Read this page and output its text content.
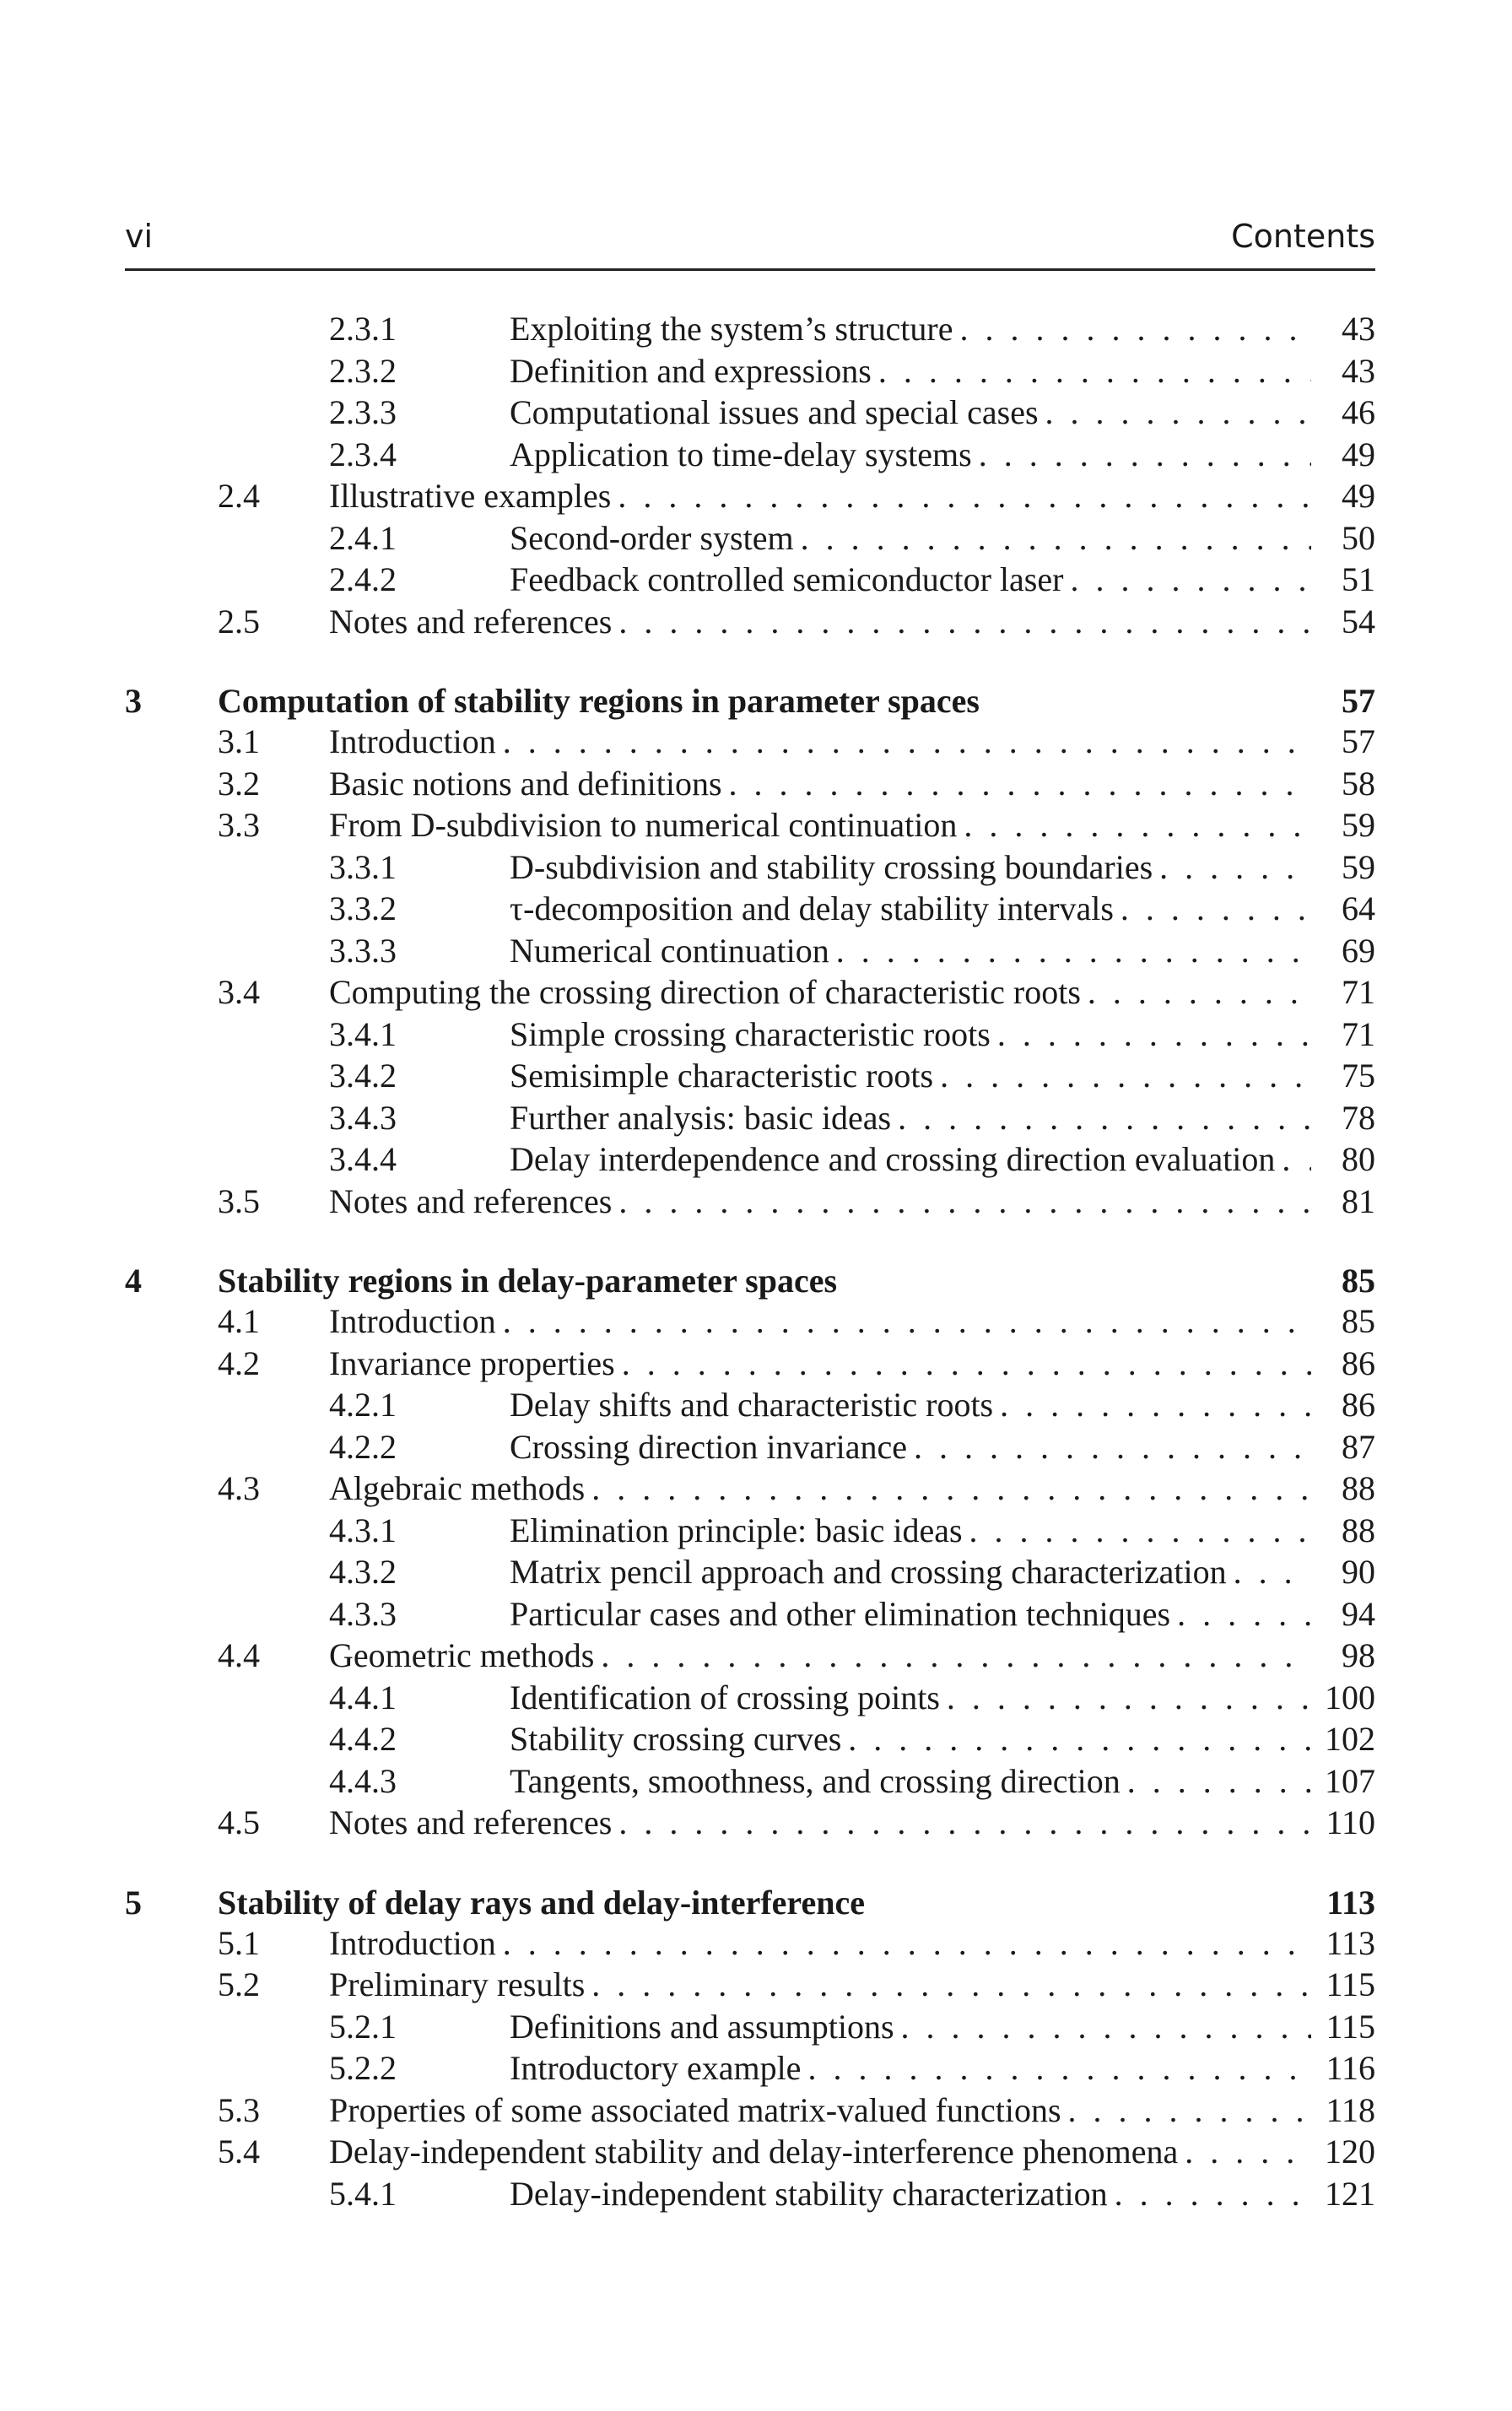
vi	Contents
2.3.1	Exploiting the system’s structure . . .	43
2.3.2	Definition and expressions . . .	43
2.3.3	Computational issues and special cases . . .	46
2.3.4	Application to time-delay systems . . .	49
2.4 Illustrative examples . . .	49
2.4.1	Second-order system . . .	50
2.4.2	Feedback controlled semiconductor laser . . .	51
2.5 Notes and references . . .	54
3 Computation of stability regions in parameter spaces	57
3.1 Introduction . . .	57
3.2 Basic notions and definitions . . .	58
3.3 From D-subdivision to numerical continuation . . .	59
3.3.1	D-subdivision and stability crossing boundaries . . .	59
3.3.2	τ-decomposition and delay stability intervals . . .	64
3.3.3	Numerical continuation . . .	69
3.4 Computing the crossing direction of characteristic roots . . .	71
3.4.1	Simple crossing characteristic roots . . .	71
3.4.2	Semisimple characteristic roots . . .	75
3.4.3	Further analysis: basic ideas . . .	78
3.4.4	Delay interdependence and crossing direction evaluation . . .	80
3.5 Notes and references . . .	81
4 Stability regions in delay-parameter spaces	85
4.1 Introduction . . .	85
4.2 Invariance properties . . .	86
4.2.1	Delay shifts and characteristic roots . . .	86
4.2.2	Crossing direction invariance . . .	87
4.3 Algebraic methods . . .	88
4.3.1	Elimination principle: basic ideas . . .	88
4.3.2	Matrix pencil approach and crossing characterization . . .	90
4.3.3	Particular cases and other elimination techniques . . .	94
4.4 Geometric methods . . .	98
4.4.1	Identification of crossing points . . .	100
4.4.2	Stability crossing curves . . .	102
4.4.3	Tangents, smoothness, and crossing direction . . .	107
4.5 Notes and references . . .	110
5 Stability of delay rays and delay-interference	113
5.1 Introduction . . .	113
5.2 Preliminary results . . .	115
5.2.1	Definitions and assumptions . . .	115
5.2.2	Introductory example . . .	116
5.3 Properties of some associated matrix-valued functions . . .	118
5.4 Delay-independent stability and delay-interference phenomena . . .	120
5.4.1	Delay-independent stability characterization . . .	121
